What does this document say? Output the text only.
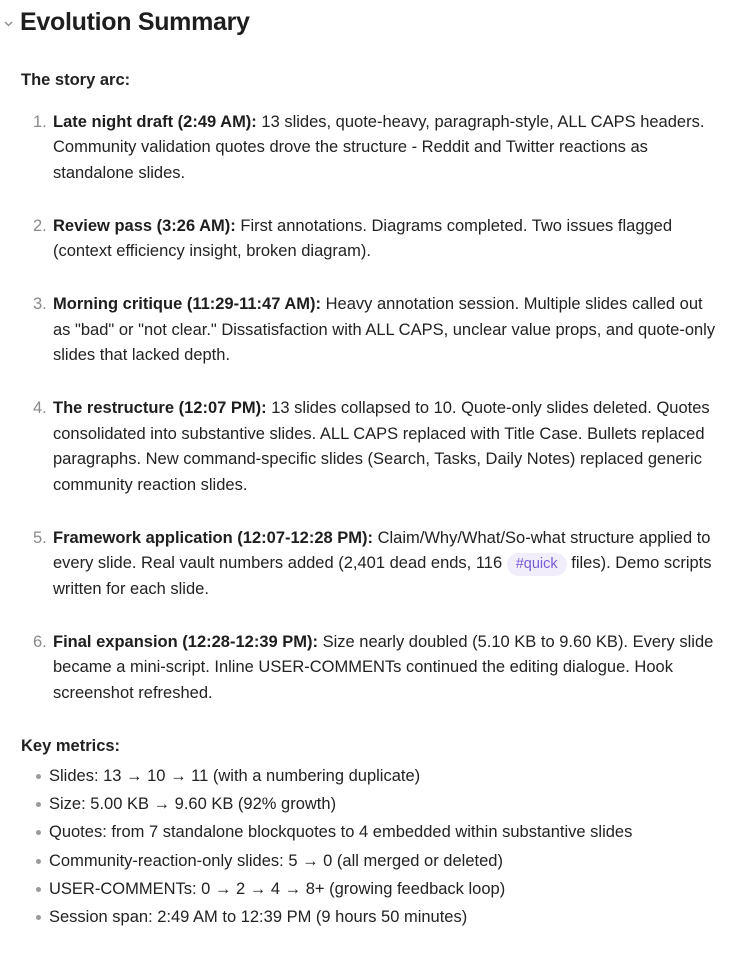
Evolution Summary

The story arc:

1. Late night draft (2:49 AM): 13 slides, quote-heavy, paragraph-style, ALL CAPS headers. Community validation quotes drove the structure - Reddit and Twitter reactions as standalone slides.
2. Review pass (3:26 AM): First annotations. Diagrams completed. Two issues flagged (context efficiency insight, broken diagram).
3. Morning critique (11:29-11:47 AM): Heavy annotation session. Multiple slides called out as "bad" or "not clear." Dissatisfaction with ALL CAPS, unclear value props, and quote-only slides that lacked depth.
4. The restructure (12:07 PM): 13 slides collapsed to 10. Quote-only slides deleted. Quotes consolidated into substantive slides. ALL CAPS replaced with Title Case. Bullets replaced paragraphs. New command-specific slides (Search, Tasks, Daily Notes) replaced generic community reaction slides.
5. Framework application (12:07-12:28 PM): Claim/Why/What/So-what structure applied to every slide. Real vault numbers added (2,401 dead ends, 116 #quick files). Demo scripts written for each slide.
6. Final expansion (12:28-12:39 PM): Size nearly doubled (5.10 KB to 9.60 KB). Every slide became a mini-script. Inline USER-COMMENTs continued the editing dialogue. Hook screenshot refreshed.

Key metrics:

Slides: 13 → 10 → 11 (with a numbering duplicate)
Size: 5.00 KB → 9.60 KB (92% growth)
Quotes: from 7 standalone blockquotes to 4 embedded within substantive slides
Community-reaction-only slides: 5 → 0 (all merged or deleted)
USER-COMMENTs: 0 → 2 → 4 → 8+ (growing feedback loop)
Session span: 2:49 AM to 12:39 PM (9 hours 50 minutes)
